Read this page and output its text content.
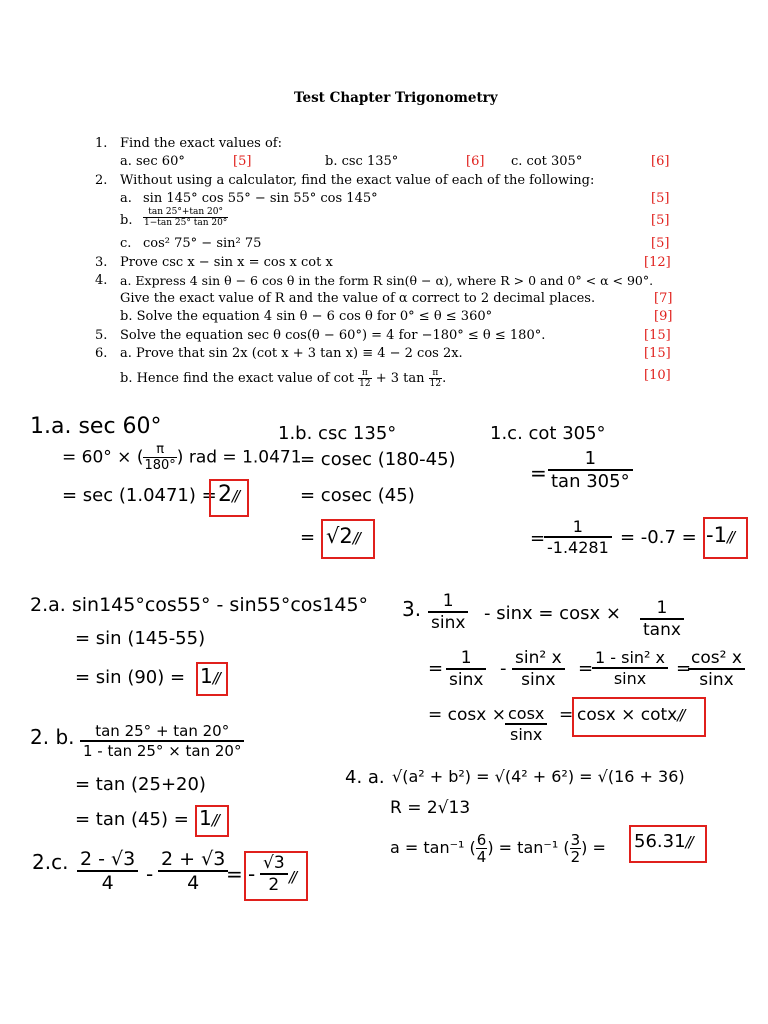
Test Chapter Trigonometry
1. Find the exact values of:
a. sec 60°	[5]	b. csc 135°	[6] c. cot 305°	[6]
2. Without using a calculator, find the exact value of each of the following:
a. sin 145° cos 55° − sin 55° cos 145°	[5]
b. $\frac{\tan 25^\circ+\tan 20^\circ}{1-\tan 25^\circ \tan 20^\circ}$	[5]
c. cos² 75° − sin² 75	[5]
3. Prove csc x − sin x = cos x cot x	[12]
4. a. Express 4 sin θ − 6 cos θ in the form R sin(θ − α), where R > 0 and 0° < α < 90°.
Give the exact value of R and the value of α correct to 2 decimal places.	[7]
b. Solve the equation 4 sin θ − 6 cos θ for 0° ≤ θ ≤ 360°	[9]
5. Solve the equation sec θ cos(θ − 60°) = 4 for −180° ≤ θ ≤ 180°.	[15]
6. a. Prove that sin 2x (cot x + 3 tan x) ≡ 4 − 2 cos 2x.	[15]
b. Hence find the exact value of $\cot \frac{\pi}{12} + 3$ $\tan \frac{\pi}{12}$ .	[10]
1.a. sec 60°
= 60° × ( $\frac{\pi}{180^\circ}$ ) rad = 1.0471
= sec (1.0471) = 2//
1.b. csc 135°
= cosec (180-45)
= cosec (45)
= √2//
1.c. cot 305°
= $\frac{1}{\tan 305^\circ}$
=
$\frac{1}{-1.4281} = -0.7 = -1//$
2.a. sin145°cos55° - sin55°cos145°
= sin (145-55)
= sin (90) = 1//
2. b. $\frac{\tan 25^\circ + \tan 20^\circ}{1 - \tan 25^\circ \times \tan 20^\circ}$
= tan (25+20)
= tan (45) = 1//
2.c. $\frac{2 - √3}{4} - \frac{2 + √3}{4}$
= - $\frac{√3}{2}$ //
3. $\frac{1}{\sin x} - \sin x = \cos x \times \frac{1}{\tan x}$
= $\frac{1}{\sin x} - \frac{\text{sin² x}}{\sin x}$ =
$\frac{\text{1 - sin² x}}{\sin x}$ =
$\frac{\text{cos² x}}{\sin x}$
= $\cos x \times \frac{\cos x}{\sin x} = \cos x \times \cot x//$
4. a. √(a² + b²) = √(4² + 6²) = √(16 + 36)
R = 2√13
a = tan⁻¹ ( $\frac{6}{4}$ ) = tan⁻¹ ( $\frac{3}{2}$ ) = 56.31//
